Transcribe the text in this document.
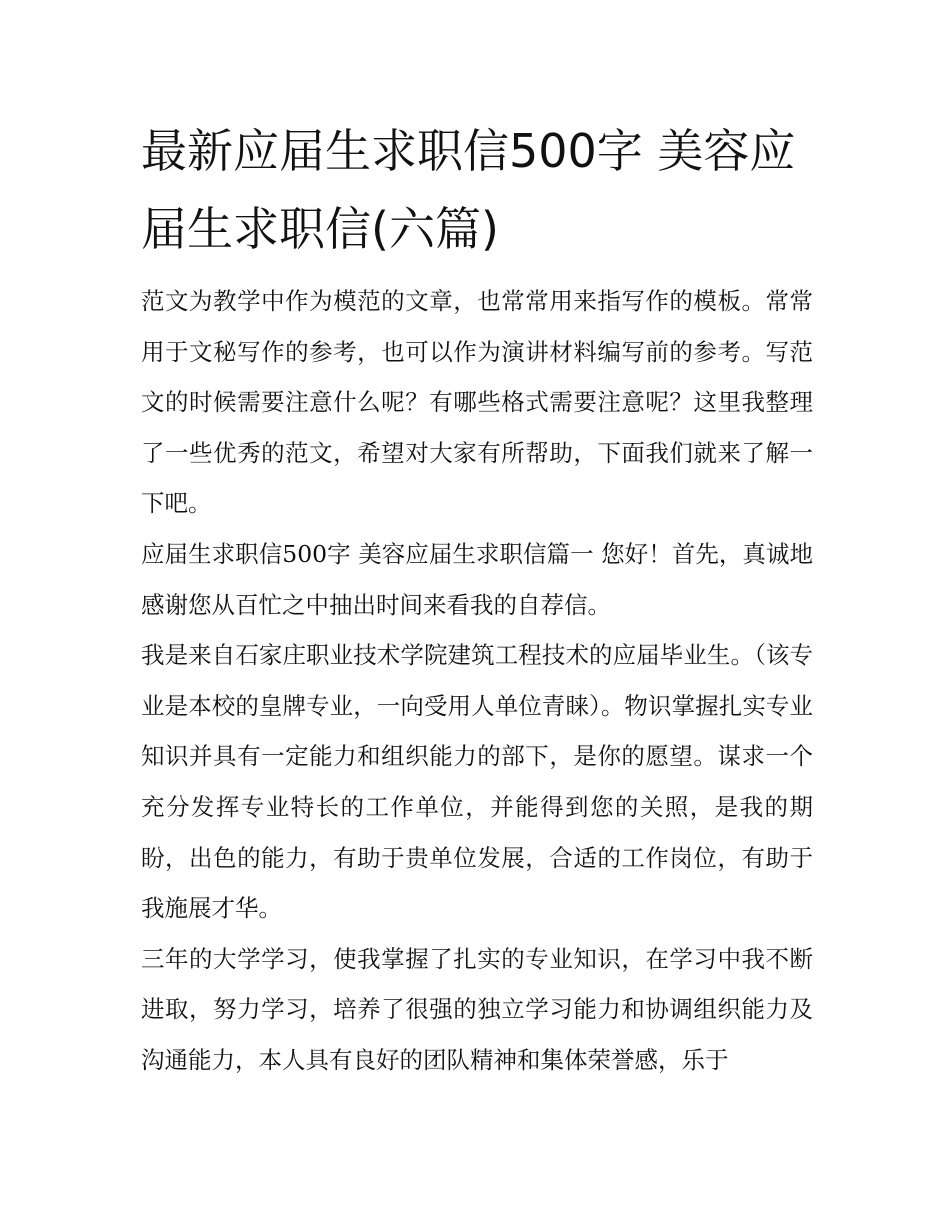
最新应届生求职信500字 美容应届生求职信(六篇)

范文为教学中作为模范的文章，也常常用来指写作的模板。常常用于文秘写作的参考，也可以作为演讲材料编写前的参考。写范文的时候需要注意什么呢？有哪些格式需要注意呢？这里我整理了一些优秀的范文，希望对大家有所帮助，下面我们就来了解一下吧。

应届生求职信500字 美容应届生求职信篇一 您好！首先，真诚地感谢您从百忙之中抽出时间来看我的自荐信。

我是来自石家庄职业技术学院建筑工程技术的应届毕业生。（该专业是本校的皇牌专业，一向受用人单位青睐）。物识掌握扎实专业知识并具有一定能力和组织能力的部下，是你的愿望。谋求一个充分发挥专业特长的工作单位，并能得到您的关照，是我的期盼，出色的能力，有助于贵单位发展，合适的工作岗位，有助于我施展才华。

三年的大学学习，使我掌握了扎实的专业知识，在学习中我不断进取，努力学习，培养了很强的独立学习能力和协调组织能力及沟通能力，本人具有良好的团队精神和集体荣誉感，乐于
